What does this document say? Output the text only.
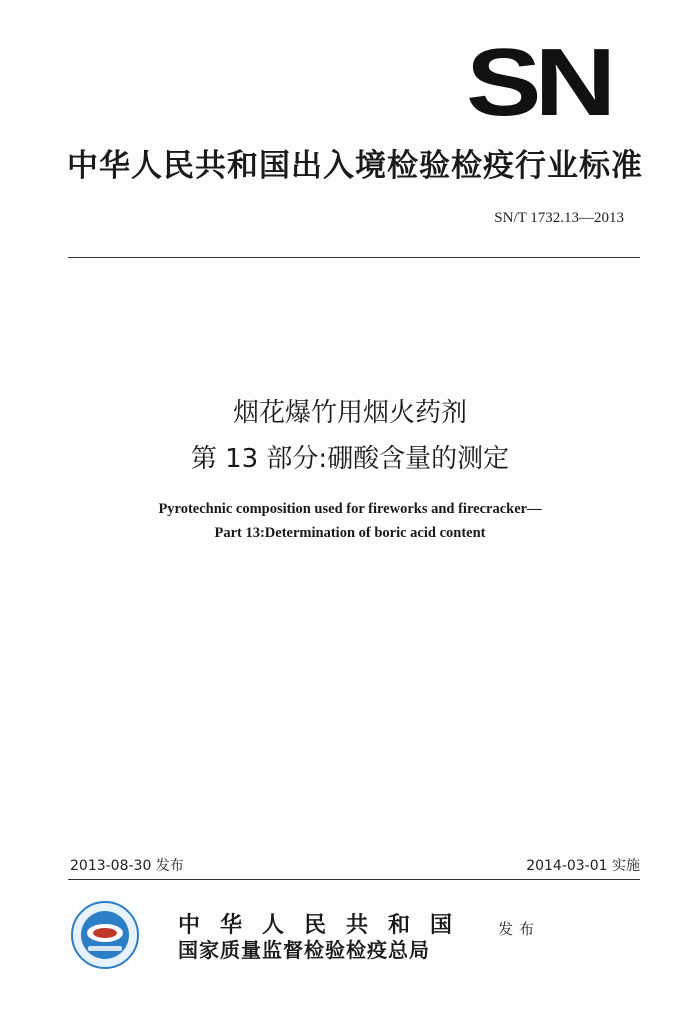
SN
中华人民共和国出入境检验检疫行业标准
SN/T 1732.13—2013
烟花爆竹用烟火药剂
第 13 部分:硼酸含量的测定
Pyrotechnic composition used for fireworks and firecracker—
Part 13:Determination of boric acid content
2013-08-30 发布	2014-03-01 实施
中华人民共和国
国家质量监督检验检疫总局
发布
